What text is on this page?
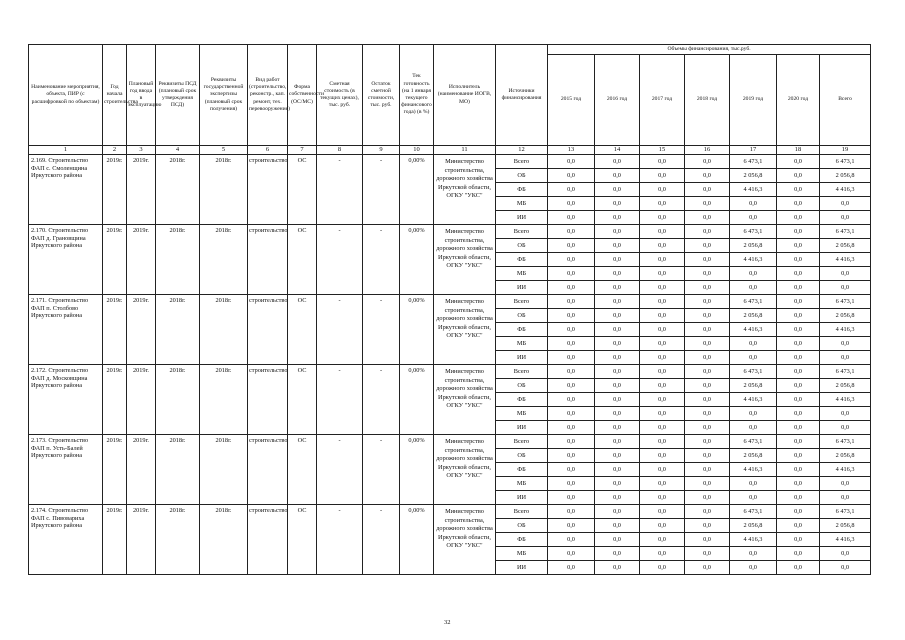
Наименование мероприятия, объекта, ПИР (с расшифровкой по объектам)	Год начала строительства	Плановый год ввода в эксплуатацию	Реквизиты ПСД (плановый срок утверждения ПСД)	Реквизиты государственной экспертизы (плановый срок получения)	Вид работ (строительство, реконстр., кап. ремонт, тех. перевооружение)	Форма собственности (ОС/МС)	Сметная стоимость (в текущих ценах), тыс. руб.	Остаток сметной стоимости, тыс. руб.	Тек готовность (на 1 января текущего финансового года) (в %)	Исполнитель (наименование ИОГВ, МО)	Источники финансирования	Объемы финансирования, тыс.руб.						
												2015 год	2016 год	2017 год	2018 год	2019 год	2020 год	Всего
1	2	3	4	5	6	7	8	9	10	11	12	13	14	15	16	17	18	19
2.169. Строительство ФАП с. Смоленщина Иркутского района	2019г.	2019г.	2018г.	2018г.	строительство	ОС	-	-	0,00%	Министерство строительства, дорожного хозяйства Иркутской области, ОГКУ "УКС"	Всего	0,0	0,0	0,0	0,0	6 473,1	0,0	6 473,1
											ОБ	0,0	0,0	0,0	0,0	2 056,8	0,0	2 056,8
											ФБ	0,0	0,0	0,0	0,0	4 416,3	0,0	4 416,3
											МБ	0,0	0,0	0,0	0,0	0,0	0,0	0,0
											ИИ	0,0	0,0	0,0	0,0	0,0	0,0	0,0
2.170. Строительство ФАП д. Грановщина Иркутского района	2019г.	2019г.	2018г.	2018г.	строительство	ОС	-	-	0,00%	Министерство строительства, дорожного хозяйства Иркутской области, ОГКУ "УКС"	Всего	0,0	0,0	0,0	0,0	6 473,1	0,0	6 473,1
											ОБ	0,0	0,0	0,0	0,0	2 056,8	0,0	2 056,8
											ФБ	0,0	0,0	0,0	0,0	4 416,3	0,0	4 416,3
											МБ	0,0	0,0	0,0	0,0	0,0	0,0	0,0
											ИИ	0,0	0,0	0,0	0,0	0,0	0,0	0,0
2.171. Строительство ФАП п. Столбово Иркутского района	2019г.	2019г.	2018г.	2018г.	строительство	ОС	-	-	0,00%	Министерство строительства, дорожного хозяйства Иркутской области, ОГКУ "УКС"	Всего	0,0	0,0	0,0	0,0	6 473,1	0,0	6 473,1
											ОБ	0,0	0,0	0,0	0,0	2 056,8	0,0	2 056,8
											ФБ	0,0	0,0	0,0	0,0	4 416,3	0,0	4 416,3
											МБ	0,0	0,0	0,0	0,0	0,0	0,0	0,0
											ИИ	0,0	0,0	0,0	0,0	0,0	0,0	0,0
2.172. Строительство ФАП д. Московщина Иркутского района	2019г.	2019г.	2018г.	2018г.	строительство	ОС	-	-	0,00%	Министерство строительства, дорожного хозяйства Иркутской области, ОГКУ "УКС"	Всего	0,0	0,0	0,0	0,0	6 473,1	0,0	6 473,1
											ОБ	0,0	0,0	0,0	0,0	2 056,8	0,0	2 056,8
											ФБ	0,0	0,0	0,0	0,0	4 416,3	0,0	4 416,3
											МБ	0,0	0,0	0,0	0,0	0,0	0,0	0,0
											ИИ	0,0	0,0	0,0	0,0	0,0	0,0	0,0
2.173. Строительство ФАП п. Усть-Балей Иркутского района	2019г.	2019г.	2018г.	2018г.	строительство	ОС	-	-	0,00%	Министерство строительства, дорожного хозяйства Иркутской области, ОГКУ "УКС"	Всего	0,0	0,0	0,0	0,0	6 473,1	0,0	6 473,1
											ОБ	0,0	0,0	0,0	0,0	2 056,8	0,0	2 056,8
											ФБ	0,0	0,0	0,0	0,0	4 416,3	0,0	4 416,3
											МБ	0,0	0,0	0,0	0,0	0,0	0,0	0,0
											ИИ	0,0	0,0	0,0	0,0	0,0	0,0	0,0
2.174. Строительство ФАП с. Пивовариха Иркутского района	2019г.	2019г.	2018г.	2018г.	строительство	ОС	-	-	0,00%	Министерство строительства, дорожного хозяйства Иркутской области, ОГКУ "УКС"	Всего	0,0	0,0	0,0	0,0	6 473,1	0,0	6 473,1
											ОБ	0,0	0,0	0,0	0,0	2 056,8	0,0	2 056,8
											ФБ	0,0	0,0	0,0	0,0	4 416,3	0,0	4 416,3
											МБ	0,0	0,0	0,0	0,0	0,0	0,0	0,0
											ИИ	0,0	0,0	0,0	0,0	0,0	0,0	0,0
32
